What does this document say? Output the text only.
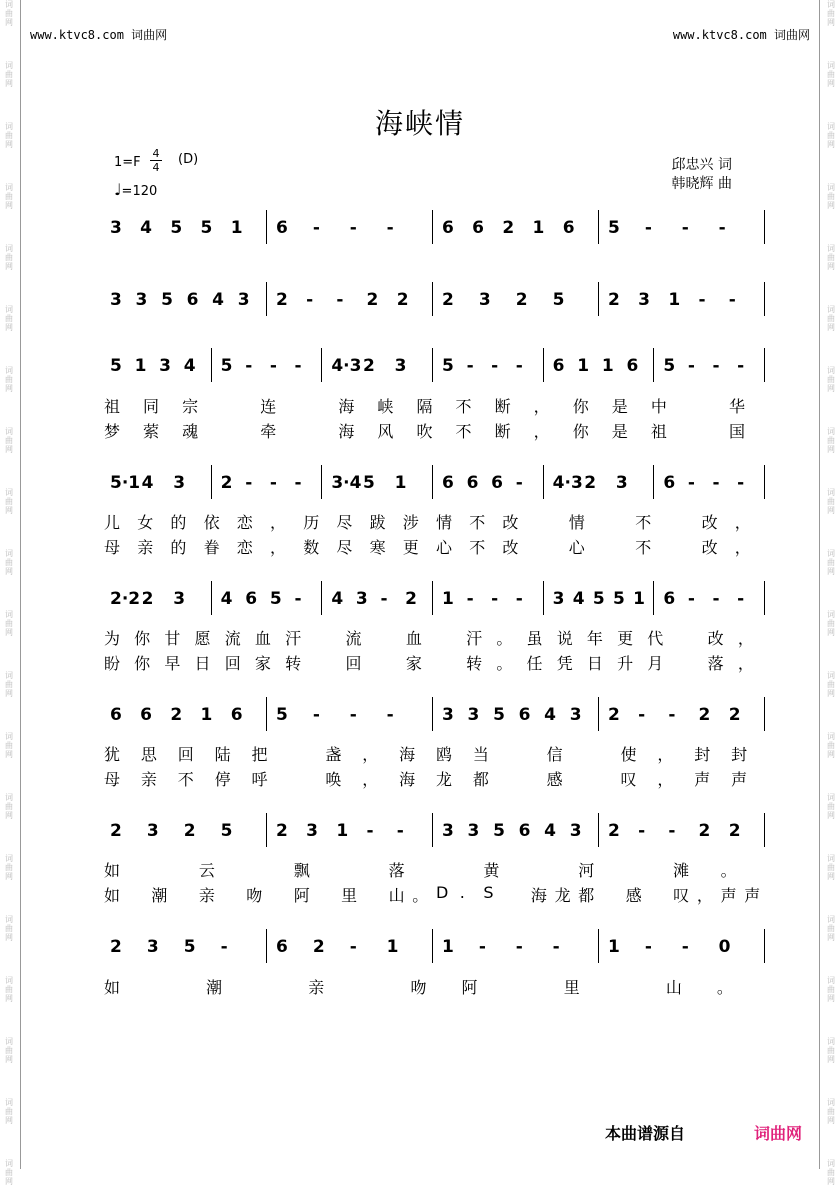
词
曲
网
词
曲
网
词
曲
网
词
曲
网
词
曲
网
词
曲
网
词
曲
网
词
曲
网
词
曲
网
词
曲
网
词
曲
网
词
曲
网
词
曲
网
词
曲
网
词
曲
网
词
曲
网
词
曲
网
词
曲
网
词
曲
网
词
曲
网
词
曲
网
词
曲
网
词
曲
网
词
曲
网
词
曲
网
词
曲
网
词
曲
网
词
曲
网
词
曲
网
词
曲
网
词
曲
网
词
曲
网
词
曲
网
词
曲
网
词
曲
网
词
曲
网
词
曲
网
词
曲
网
词
曲
网
词
曲
网
www.ktvc8.com 词曲网	www.ktvc8.com 词曲网
海峡情
$1=F \frac{4}{4} (D)$
♩=120
邱忠兴 词
韩晓辉 曲
3 4 5 5 1 6 - - -	6 6 2 1 6 5 - - -
3 3 5 6 4 3 2 - - 2 2 2 3 2 5	2 3 1 - -
5 1 3 4 5 - - - 4·3 2 3 5 - - - 6 1 1 6 5 - - -
祖 同 宗	连	海 峡 隔 不 断 ， 你 是 中	华
梦 萦 魂	牵	海 风 吹 不 断 ， 你 是 祖	国
5·1 4 3 2 - - - 3·4 5 1 6 6 6 - 4·3 2 3 6 - - -
儿 女 的 依 恋 ， 历 尽 跋 涉 情 不 改	情	不	改 ，
母 亲 的 眷 恋 ， 数 尽 寒 更 心 不 改	心	不	改 ，
2·2 2 3 4 6 5 - 4 3 - 2 1 - - - 3 4 5 5 1 6 - - -
为 你 甘 愿 流 血 汗	流	血	汗 。 虽 说 年 更 代	改 ，
盼 你 早 日 回 家 转	回	家	转 。 任 凭 日 升 月	落 ，
6 6 2 1 6 5 - - -	3 3 5 6 4 3 2 - - 2 2
犹 思 回 陆 把	盏 ， 海 鸥 当	信	使 ， 封 封
母 亲 不 停 呼	唤 ， 海 龙 都	感	叹 ， 声 声
2 3 2 5	2 3 1 - - 3 3 5 6 4 3 2 - - 2 2
如	云	飘	落	黄	河	滩 。
如 潮 亲 吻 阿 里 山 。 D . S 海 龙 都 感 叹 ， 声 声
2 3 5 -	6 2 - 1	1 - - -	1 - - 0
如	潮	亲	吻 阿	里	山 。
本曲谱源自	词曲网
